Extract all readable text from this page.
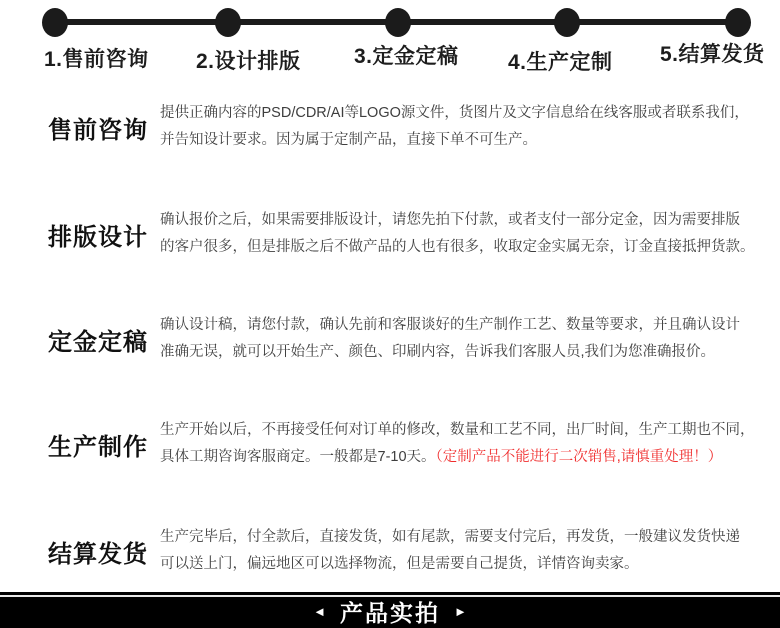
1.售前咨询 2.设计排版	3.定金定稿 4.生产定制 5.结算发货
售前咨询
提供正确内容的PSD/CDR/AI等LOGO源文件，货图片及文字信息给在线客服或者联系我们，
并告知设计要求。因为属于定制产品，直接下单不可生产。
排版设计
确认报价之后，如果需要排版设计，请您先拍下付款，或者支付一部分定金，因为需要排版
的客户很多，但是排版之后不做产品的人也有很多，收取定金实属无奈，订金直接抵押货款。
定金定稿
确认设计稿，请您付款，确认先前和客服谈好的生产制作工艺、数量等要求，并且确认设计
准确无误，就可以开始生产、颜色、印刷内容，告诉我们客服人员,我们为您准确报价。
生产制作
生产开始以后，不再接受任何对订单的修改，数量和工艺不同，出厂时间，生产工期也不同，
具体工期咨询客服商定。一般都是7-10天。（定制产品不能进行二次销售,请慎重处理！）
结算发货
生产完毕后，付全款后，直接发货，如有尾款，需要支付完后，再发货，一般建议发货快递
可以送上门，偏远地区可以选择物流，但是需要自己提货，详情咨询卖家。
◄ 产品实拍 ►
